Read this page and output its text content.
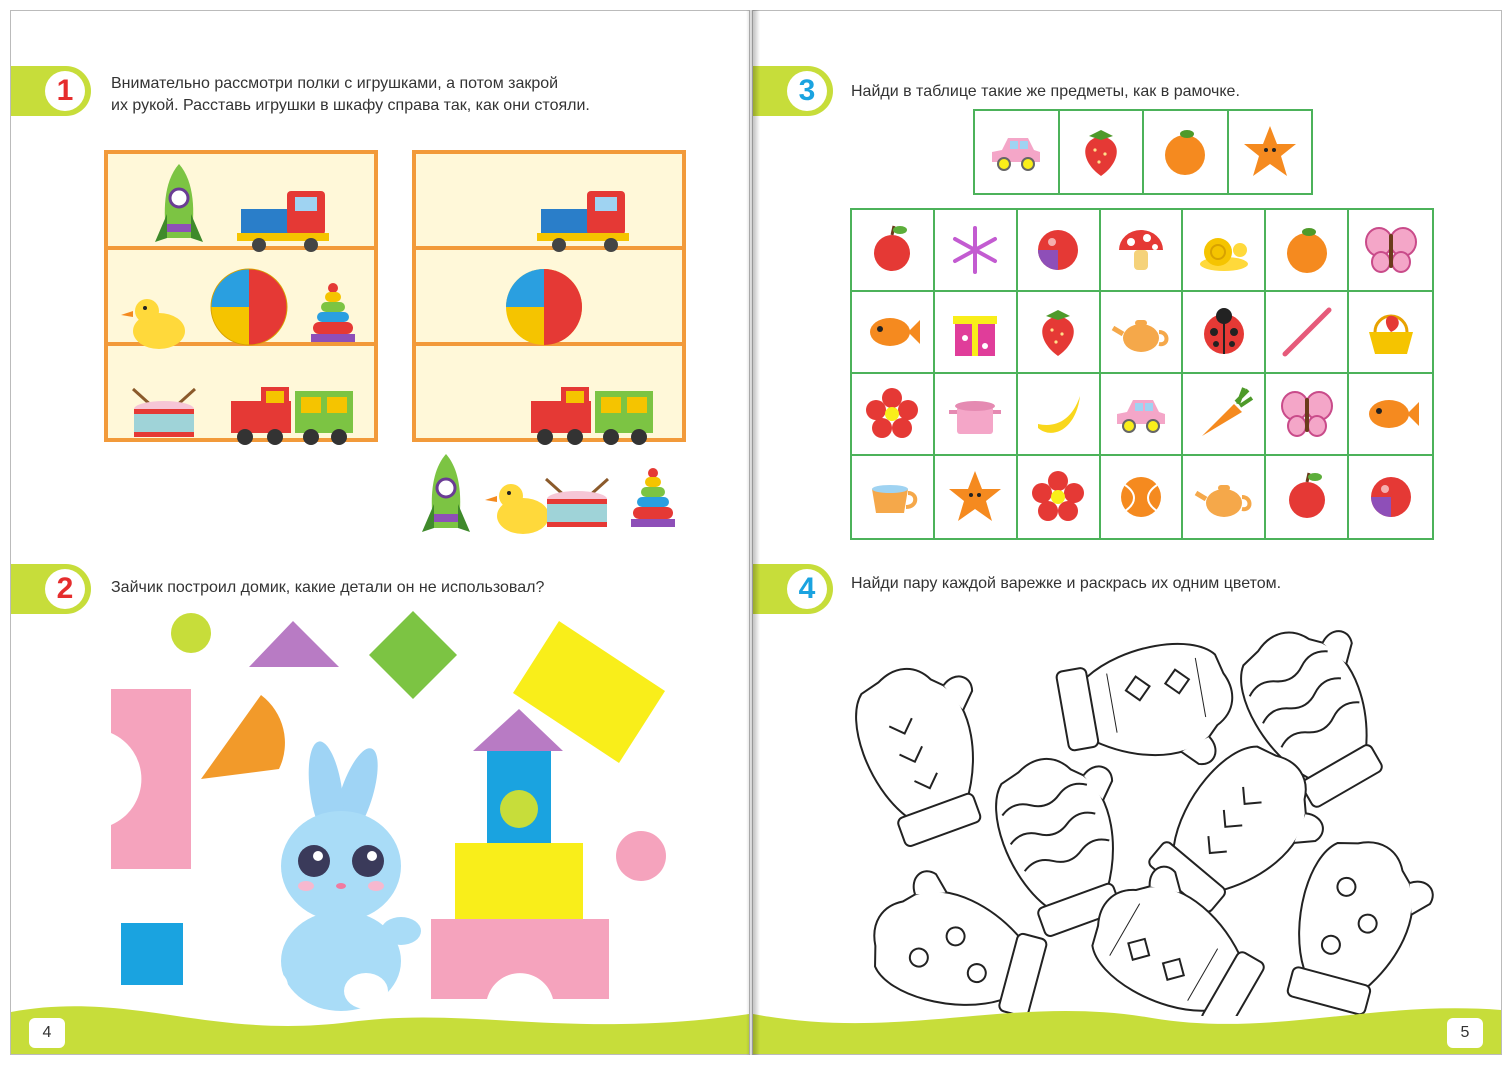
1	Внимательно рассмотри полки с игрушками, а потом закрой
их рукой. Расставь игрушки в шкафу справа так, как они стояли.
2	Зайчик построил домик, какие детали он не использовал?
4
3	Найди в таблице такие же предметы, как в рамочке.
4	Найди пару каждой варежке и раскрась их одним цветом.
5
